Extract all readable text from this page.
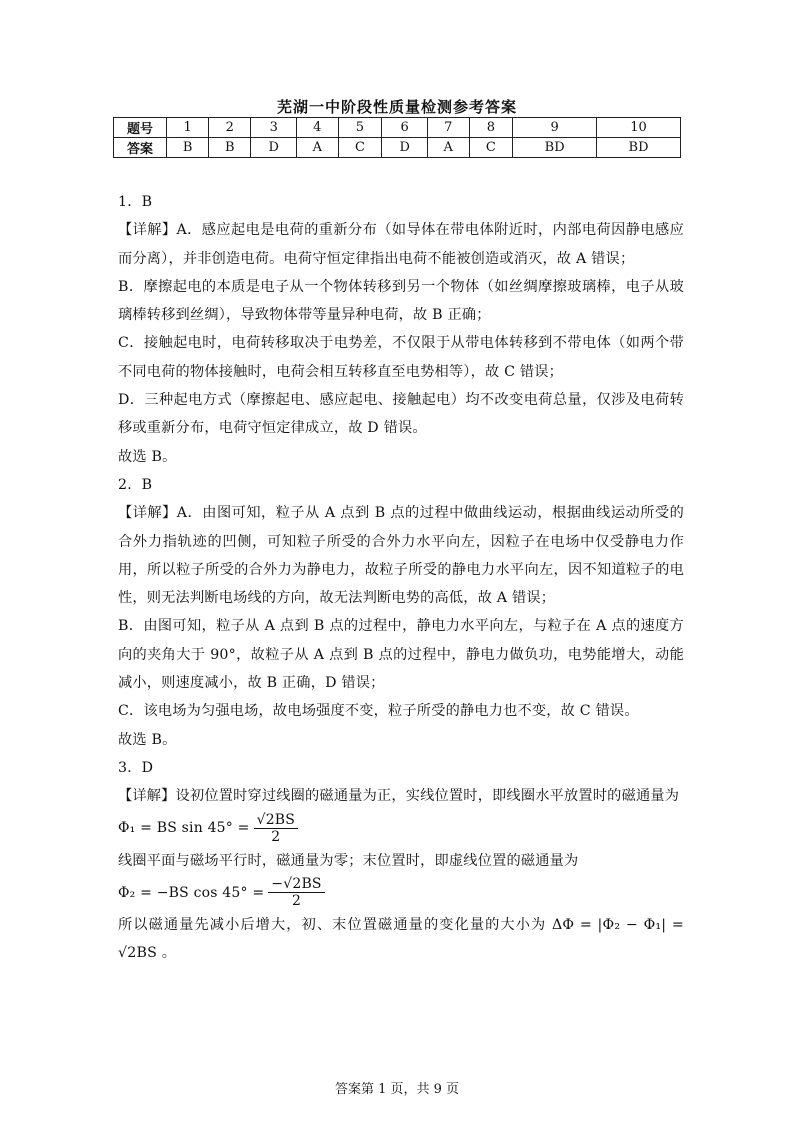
芜湖一中阶段性质量检测参考答案
题号	1	2	3	4	5	6	7	8	9	10
答案	B	B	D	A	C	D	A	C	BD	BD

1．B

【详解】A．感应起电是电荷的重新分布（如导体在带电体附近时，内部电荷因静电感应而分离），并非创造电荷。电荷守恒定律指出电荷不能被创造或消灭，故 A 错误；

B．摩擦起电的本质是电子从一个物体转移到另一个物体（如丝绸摩擦玻璃棒，电子从玻璃棒转移到丝绸），导致物体带等量异种电荷，故 B 正确；

C．接触起电时，电荷转移取决于电势差，不仅限于从带电体转移到不带电体（如两个带不同电荷的物体接触时，电荷会相互转移直至电势相等），故 C 错误；

D．三种起电方式（摩擦起电、感应起电、接触起电）均不改变电荷总量，仅涉及电荷转移或重新分布，电荷守恒定律成立，故 D 错误。

故选 B。

2．B

【详解】A．由图可知，粒子从 A 点到 B 点的过程中做曲线运动，根据曲线运动所受的合外力指轨迹的凹侧，可知粒子所受的合外力水平向左，因粒子在电场中仅受静电力作用，所以粒子所受的合外力为静电力，故粒子所受的静电力水平向左，因不知道粒子的电性，则无法判断电场线的方向，故无法判断电势的高低，故 A 错误；

B．由图可知，粒子从 A 点到 B 点的过程中，静电力水平向左，与粒子在 A 点的速度方向的夹角大于 90°，故粒子从 A 点到 B 点的过程中，静电力做负功，电势能增大，动能减小，则速度减小，故 B 正确，D 错误；

C．该电场为匀强电场，故电场强度不变，粒子所受的静电力也不变，故 C 错误。

故选 B。

3．D

【详解】设初位置时穿过线圈的磁通量为正，实线位置时，即线圈水平放置时的磁通量为

Φ₁ = BS $\sin 45^\circ = \frac{√2BS}{2}$

线圈平面与磁场平行时，磁通量为零；末位置时，即虚线位置的磁通量为

Φ₂ = −BS $\cos 45^\circ = \frac{-√2BS}{2}$

所以磁通量先减小后增大，初、末位置磁通量的变化量的大小为 ΔΦ = |Φ₂ − Φ₁| = √2BS 。

答案第 1 页，共 9 页
